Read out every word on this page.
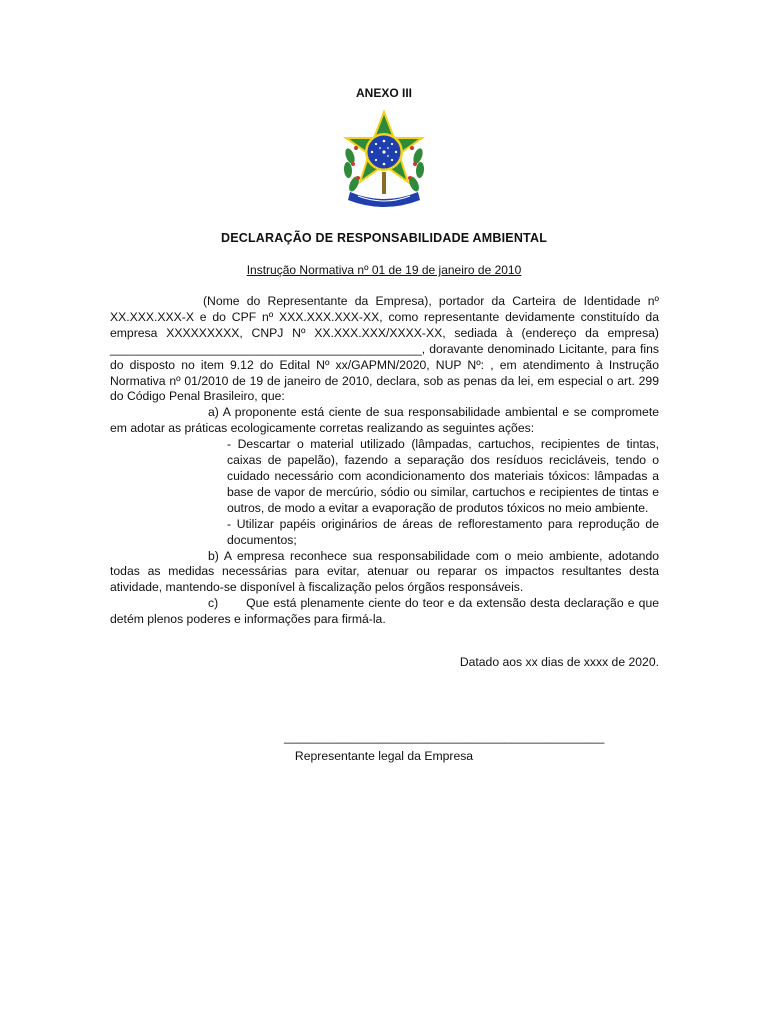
ANEXO III
DECLARAÇÃO DE RESPONSABILIDADE AMBIENTAL
Instrução Normativa nº 01 de 19 de janeiro de 2010

(Nome do Representante da Empresa), portador da Carteira de Identidade nº XX.XXX.XXX-X e do CPF nº XXX.XXX.XXX-XX, como representante devidamente constituído da empresa XXXXXXXXX, CNPJ Nº XX.XXX.XXX/XXXX-XX, sediada à (endereço da empresa) ______________________________________________, doravante denominado Licitante, para fins do disposto no item 9.12 do Edital Nº xx/GAPMN/2020, NUP Nº: , em atendimento à Instrução Normativa nº 01/2010 de 19 de janeiro de 2010, declara, sob as penas da lei, em especial o art. 299 do Código Penal Brasileiro, que:

a) A proponente está ciente de sua responsabilidade ambiental e se compromete em adotar as práticas ecologicamente corretas realizando as seguintes ações:

- Descartar o material utilizado (lâmpadas, cartuchos, recipientes de tintas, caixas de papelão), fazendo a separação dos resíduos recicláveis, tendo o cuidado necessário com acondicionamento dos materiais tóxicos: lâmpadas a base de vapor de mercúrio, sódio ou similar, cartuchos e recipientes de tintas e outros, de modo a evitar a evaporação de produtos tóxicos no meio ambiente.

- Utilizar papéis originários de áreas de reflorestamento para reprodução de documentos;

b) A empresa reconhece sua responsabilidade com o meio ambiente, adotando todas as medidas necessárias para evitar, atenuar ou reparar os impactos resultantes desta atividade, mantendo-se disponível à fiscalização pelos órgãos responsáveis.

c) Que está plenamente ciente do teor e da extensão desta declaração e que detém plenos poderes e informações para firmá-la.

Datado aos xx dias de xxxx de 2020.
________________________________________________
Representante legal da Empresa
